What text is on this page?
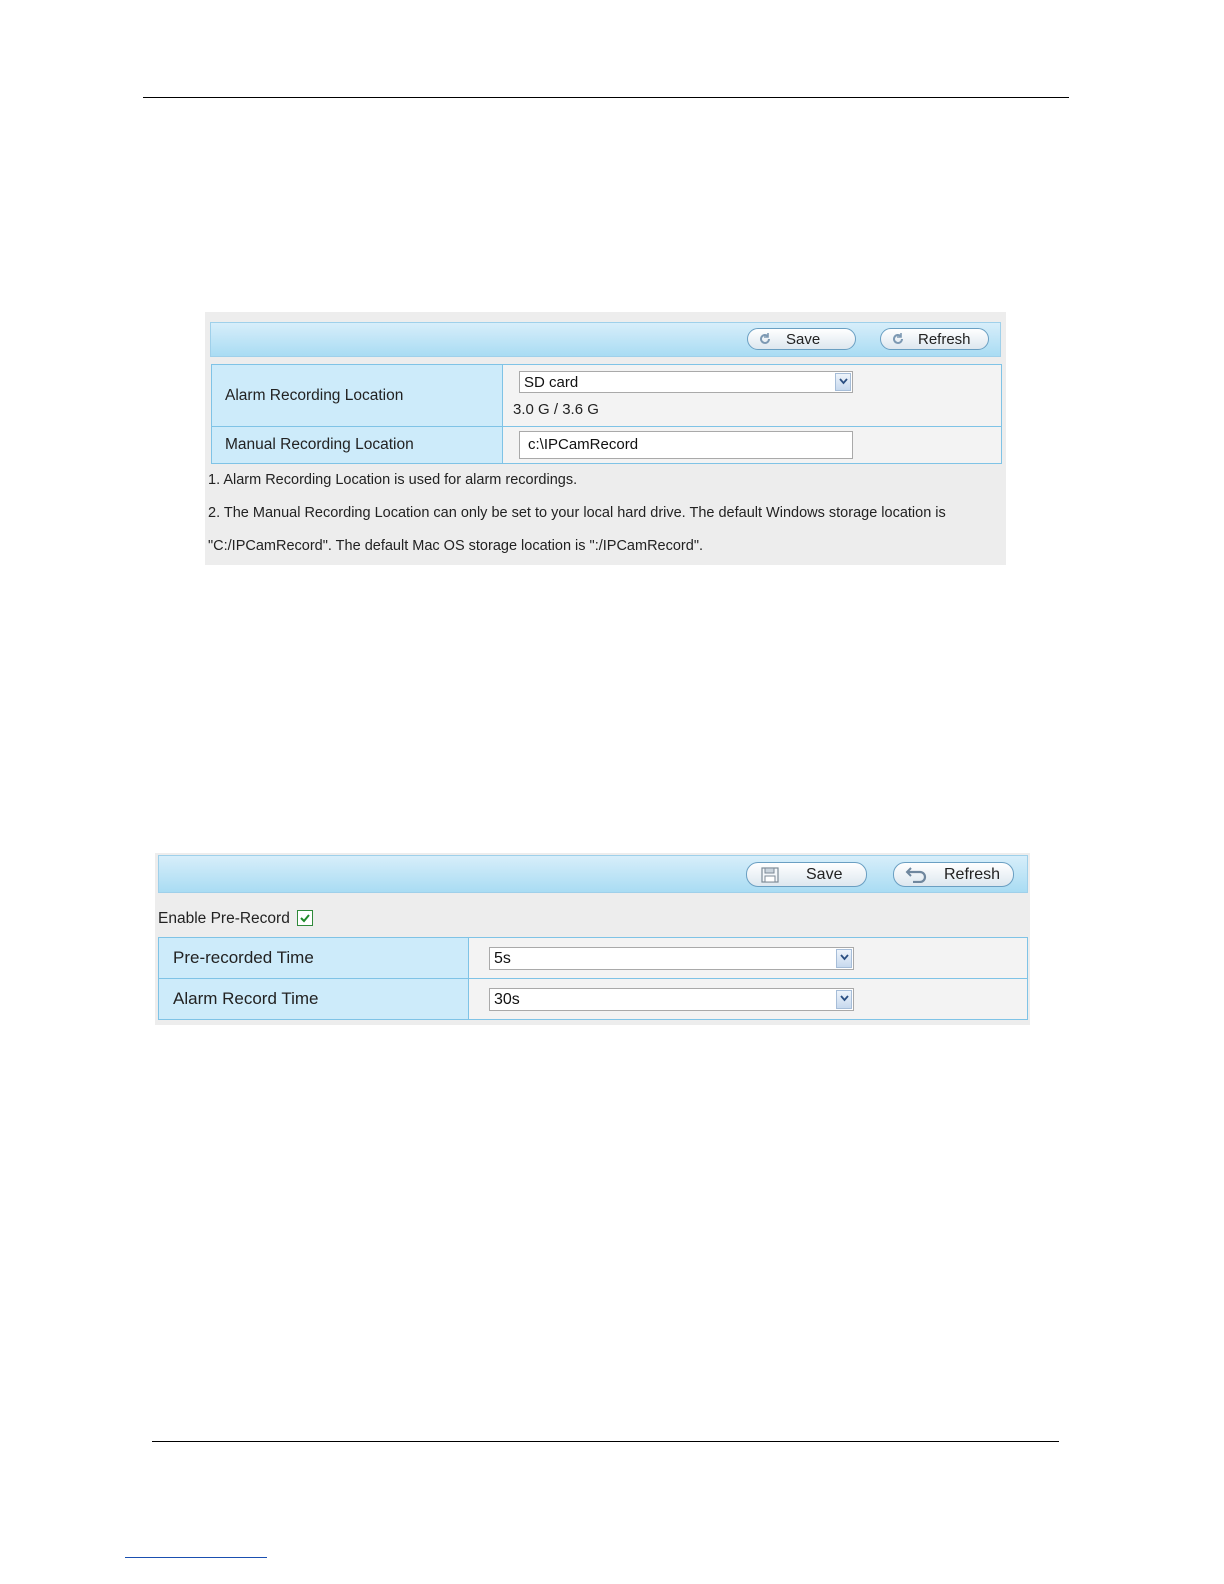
Save	Refresh
Alarm Recording Location	SD card
3.0 G / 3.6 G

Manual Recording Location	c:\IPCamRecord
1. Alarm Recording Location is used for alarm recordings.
2. The Manual Recording Location can only be set to your local hard drive. The default Windows storage location is
"C:/IPCamRecord". The default Mac OS storage location is ":/IPCamRecord".
Save	Refresh
Enable Pre-Record
Pre-recorded Time	5s

Alarm Record Time	30s
